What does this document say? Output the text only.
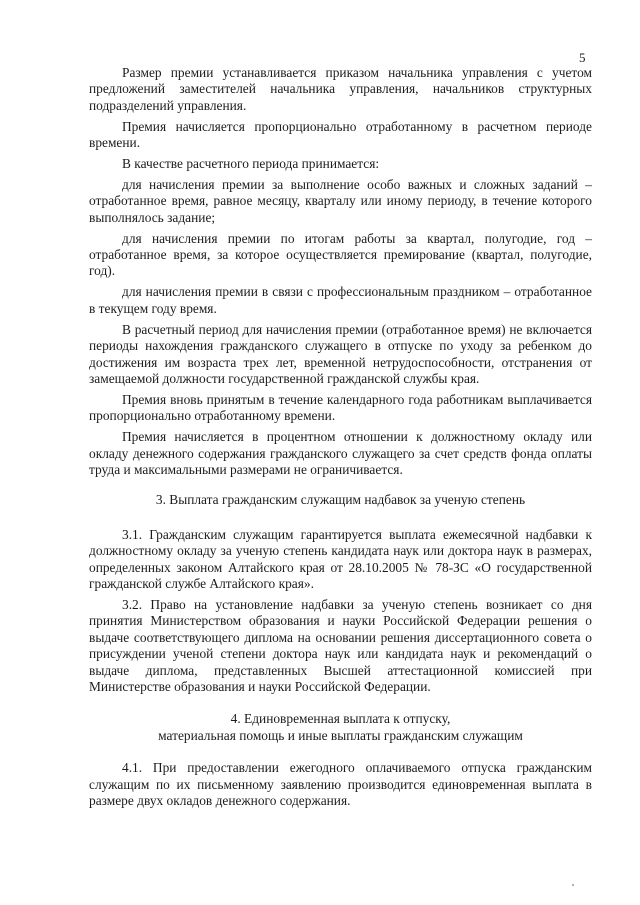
5

Размер премии устанавливается приказом начальника управления с учетом предложений заместителей начальника управления, начальников структурных подразделений управления.

Премия начисляется пропорционально отработанному в расчетном периоде времени.

В качестве расчетного периода принимается:

для начисления премии за выполнение особо важных и сложных заданий – отработанное время, равное месяцу, кварталу или иному периоду, в течение которого выполнялось задание;

для начисления премии по итогам работы за квартал, полугодие, год – отработанное время, за которое осуществляется премирование (квартал, полугодие, год).

для начисления премии в связи с профессиональным праздником – отработанное в текущем году время.

В расчетный период для начисления премии (отработанное время) не включается периоды нахождения гражданского служащего в отпуске по уходу за ребенком до достижения им возраста трех лет, временной нетрудоспособности, отстранения от замещаемой должности государственной гражданской службы края.

Премия вновь принятым в течение календарного года работникам выплачивается пропорционально отработанному времени.

Премия начисляется в процентном отношении к должностному окладу или окладу денежного содержания гражданского служащего за счет средств фонда оплаты труда и максимальными размерами не ограничивается.

3. Выплата гражданским служащим надбавок за ученую степень

3.1. Гражданским служащим гарантируется выплата ежемесячной надбавки к должностному окладу за ученую степень кандидата наук или доктора наук в размерах, определенных законом Алтайского края от 28.10.2005 № 78-ЗС «О государственной гражданской службе Алтайского края».

3.2. Право на установление надбавки за ученую степень возникает со дня принятия Министерством образования и науки Российской Федерации решения о выдаче соответствующего диплома на основании решения диссертационного совета о присуждении ученой степени доктора наук или кандидата наук и рекомендаций о выдаче диплома, представленных Высшей аттестационной комиссией при Министерстве образования и науки Российской Федерации.

4. Единовременная выплата к отпуску,
материальная помощь и иные выплаты гражданским служащим

4.1. При предоставлении ежегодного оплачиваемого отпуска гражданским служащим по их письменному заявлению производится единовременная выплата в размере двух окладов денежного содержания.
